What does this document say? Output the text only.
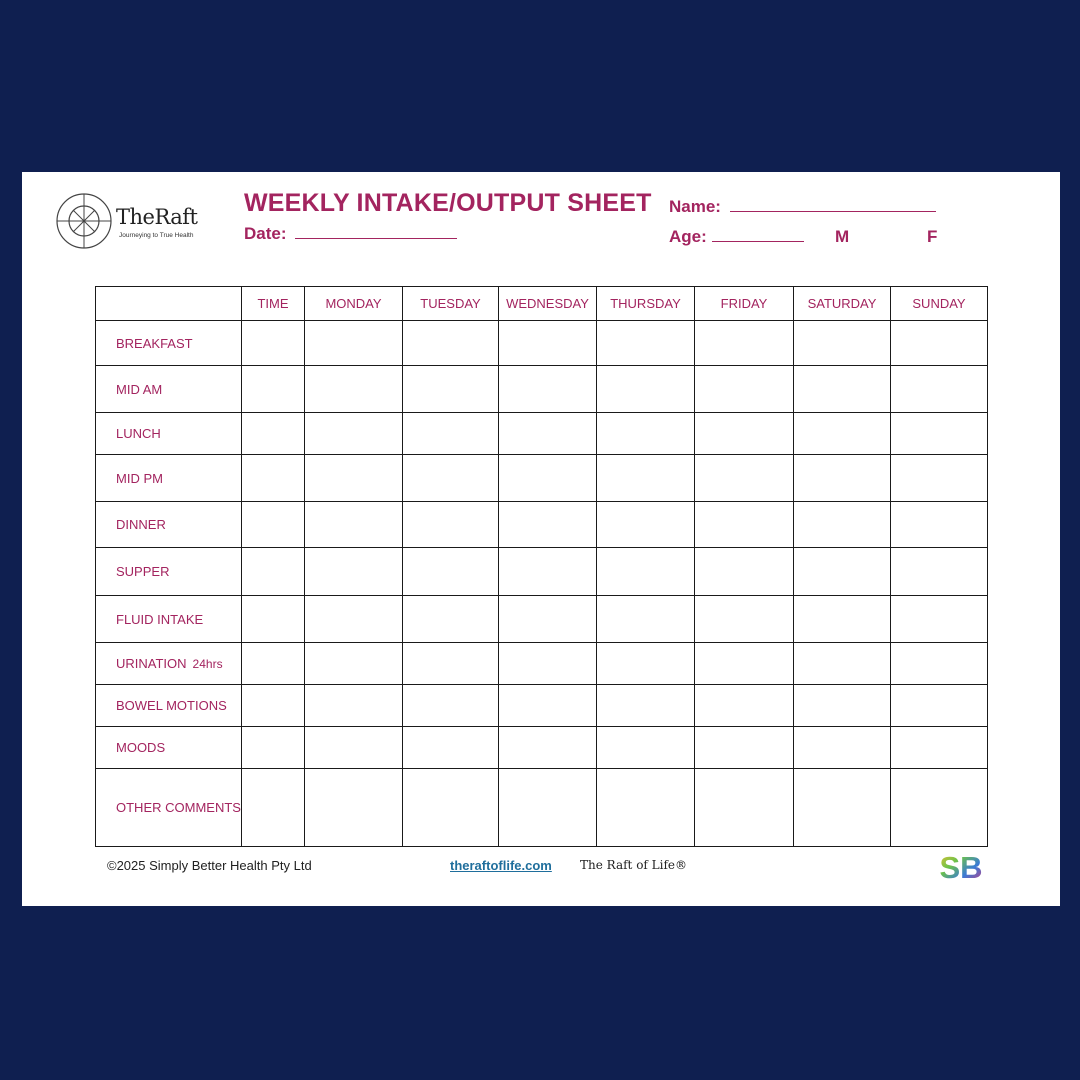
TheRaft
Journeying to True Health
WEEKLY INTAKE/OUTPUT SHEET
Date:
Name:
Age:	M	F
	TIME	MONDAY	TUESDAY	WEDNESDAY	THURSDAY	FRIDAY	SATURDAY	SUNDAY
BREAKFAST								
MID AM								
LUNCH								
MID PM								
DINNER								
SUPPER								
FLUID INTAKE								
URINATION 24hrs								
BOWEL MOTIONS								
MOODS								
OTHER COMMENTS								
©2025 Simply Better Health Pty Ltd	theraftoflife.com The Raft of Life®	SB
